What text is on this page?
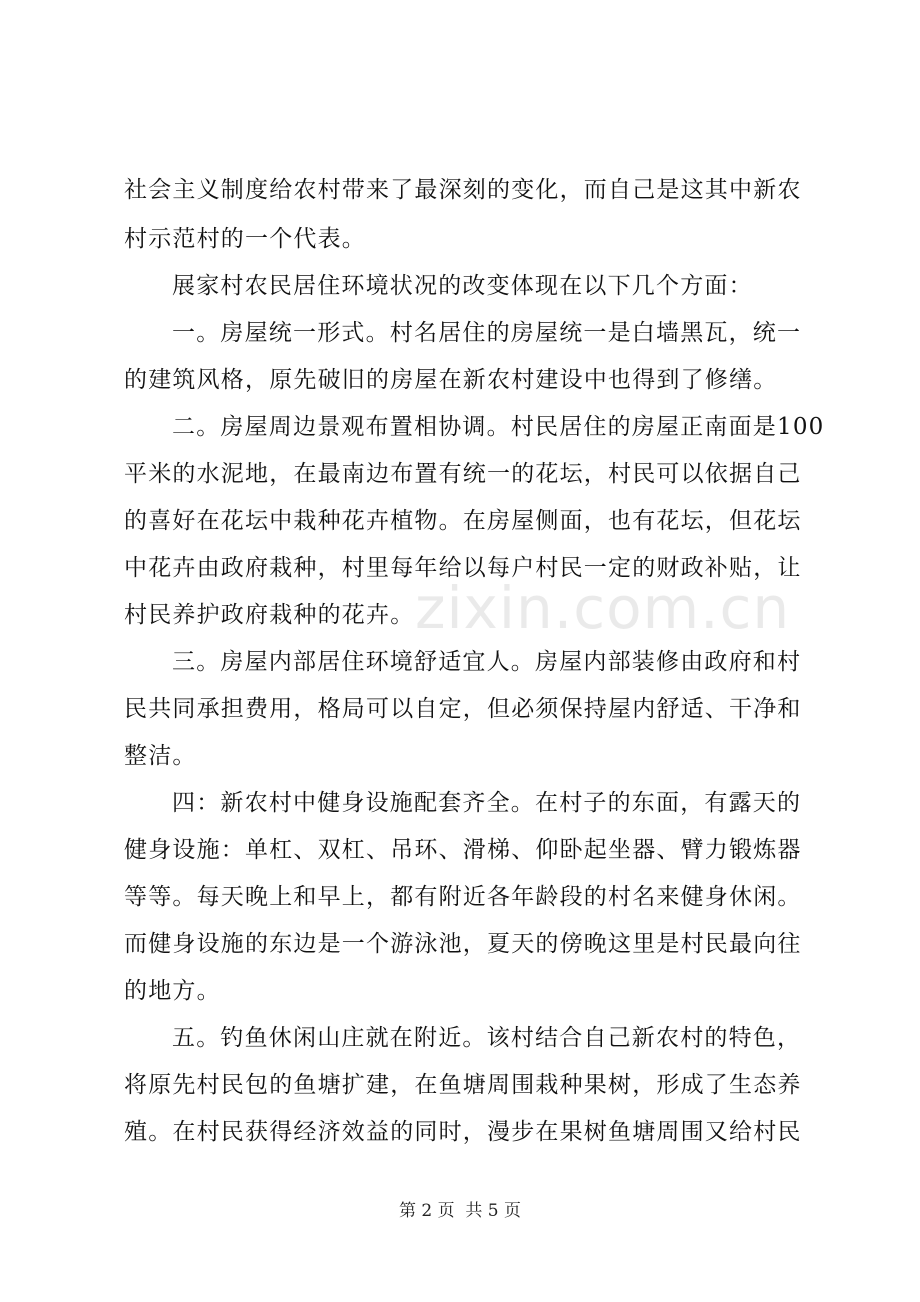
社会主义制度给农村带来了最深刻的变化，而自己是这其中新农
村示范村的一个代表。
展家村农民居住环境状况的改变体现在以下几个方面：
一。房屋统一形式。村名居住的房屋统一是白墙黑瓦，统一
的建筑风格，原先破旧的房屋在新农村建设中也得到了修缮。
二。房屋周边景观布置相协调。村民居住的房屋正南面是100
平米的水泥地，在最南边布置有统一的花坛，村民可以依据自己
的喜好在花坛中栽种花卉植物。在房屋侧面，也有花坛，但花坛
中花卉由政府栽种，村里每年给以每户村民一定的财政补贴，让
村民养护政府栽种的花卉。
三。房屋内部居住环境舒适宜人。房屋内部装修由政府和村
民共同承担费用，格局可以自定，但必须保持屋内舒适、干净和
整洁。
四：新农村中健身设施配套齐全。在村子的东面，有露天的
健身设施：单杠、双杠、吊环、滑梯、仰卧起坐器、臂力锻炼器
等等。每天晚上和早上，都有附近各年龄段的村名来健身休闲。
而健身设施的东边是一个游泳池，夏天的傍晚这里是村民最向往
的地方。
五。钓鱼休闲山庄就在附近。该村结合自己新农村的特色，
将原先村民包的鱼塘扩建，在鱼塘周围栽种果树，形成了生态养
殖。在村民获得经济效益的同时，漫步在果树鱼塘周围又给村民
zixin.com.cn
第 2 页 共 5 页
